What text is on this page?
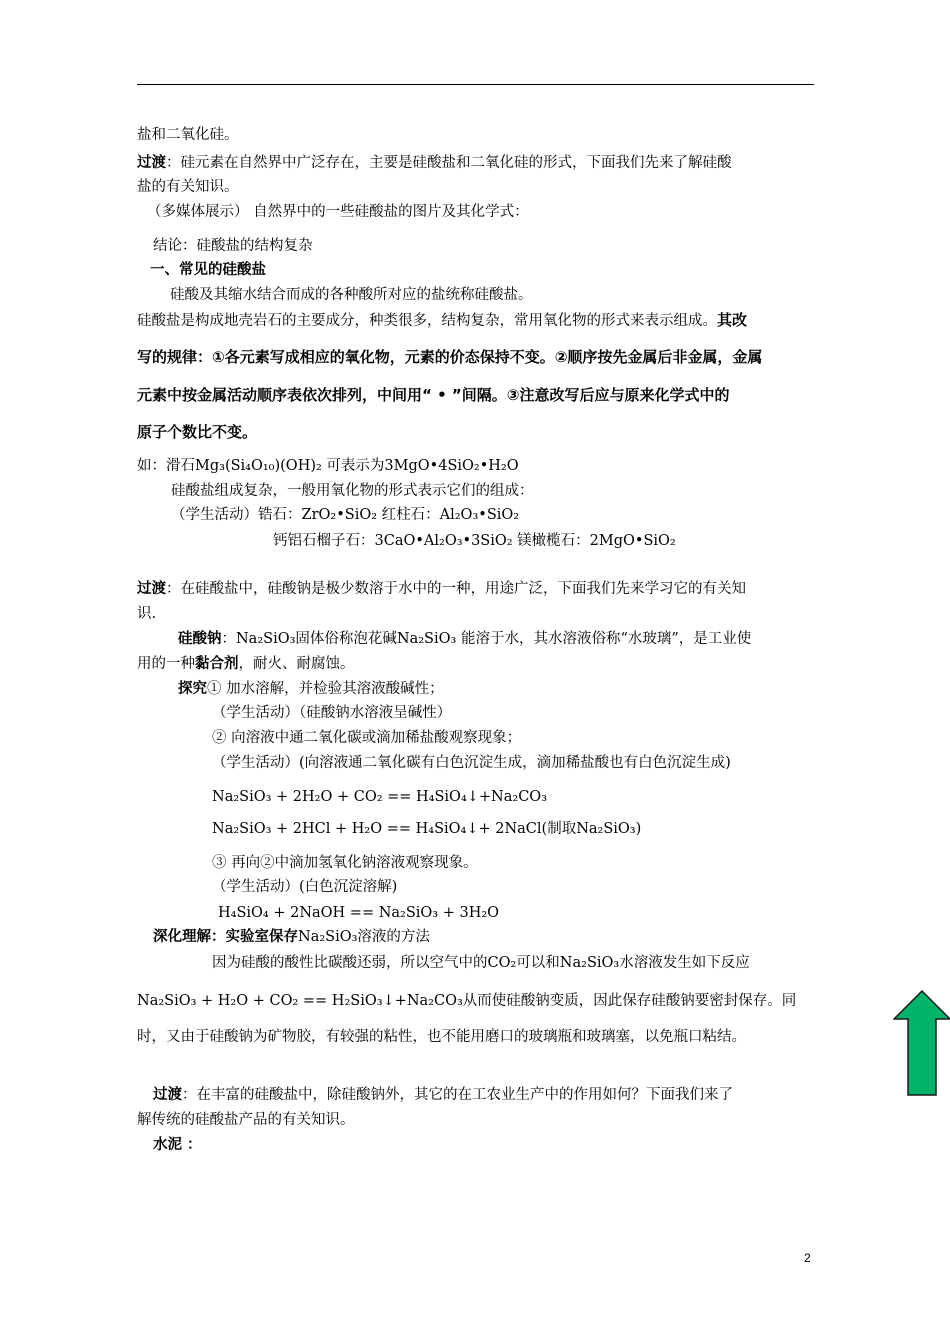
盐和二氧化硅。
过渡：硅元素在自然界中广泛存在，主要是硅酸盐和二氧化硅的形式，下面我们先来了解硅酸
盐的有关知识。
（多媒体展示） 自然界中的一些硅酸盐的图片及其化学式：
结论：硅酸盐的结构复杂
一、常见的硅酸盐
硅酸及其缩水结合而成的各种酸所对应的盐统称硅酸盐。
硅酸盐是构成地壳岩石的主要成分，种类很多，结构复杂，常用氧化物的形式来表示组成。其改
写的规律：①各元素写成相应的氧化物，元素的价态保持不变。②顺序按先金属后非金属，金属
元素中按金属活动顺序表依次排列，中间用“ • ”间隔。③注意改写后应与原来化学式中的
原子个数比不变。
如：滑石Mg₃(Si₄O₁₀)(OH)₂ 可表示为3MgO•4SiO₂•H₂O
硅酸盐组成复杂，一般用氧化物的形式表示它们的组成：
（学生活动）锆石：ZrO₂•SiO₂ 红柱石：Al₂O₃•SiO₂
钙铝石榴子石：3CaO•Al₂O₃•3SiO₂ 镁橄榄石：2MgO•SiO₂
过渡：在硅酸盐中，硅酸钠是极少数溶于水中的一种，用途广泛，下面我们先来学习它的有关知
识.
硅酸钠：Na₂SiO₃固体俗称泡花碱Na₂SiO₃ 能溶于水，其水溶液俗称“水玻璃”，是工业使
用的一种黏合剂，耐火、耐腐蚀。
探究① 加水溶解，并检验其溶液酸碱性；
（学生活动）（硅酸钠水溶液呈碱性）
② 向溶液中通二氧化碳或滴加稀盐酸观察现象；
（学生活动）(向溶液通二氧化碳有白色沉淀生成，滴加稀盐酸也有白色沉淀生成)
Na₂SiO₃ + 2H₂O + CO₂ == H₄SiO₄↓+Na₂CO₃
Na₂SiO₃ + 2HCl + H₂O == H₄SiO₄↓+ 2NaCl(制取Na₂SiO₃)
③ 再向②中滴加氢氧化钠溶液观察现象。
（学生活动）(白色沉淀溶解)
H₄SiO₄ + 2NaOH == Na₂SiO₃ + 3H₂O
深化理解：实验室保存Na₂SiO₃溶液的方法
因为硅酸的酸性比碳酸还弱，所以空气中的CO₂可以和Na₂SiO₃水溶液发生如下反应
Na₂SiO₃ + H₂O + CO₂ == H₂SiO₃↓+Na₂CO₃从而使硅酸钠变质，因此保存硅酸钠要密封保存。同
时，又由于硅酸钠为矿物胶，有较强的粘性，也不能用磨口的玻璃瓶和玻璃塞，以免瓶口粘结。
过渡：在丰富的硅酸盐中，除硅酸钠外，其它的在工农业生产中的作用如何？下面我们来了
解传统的硅酸盐产品的有关知识。
水泥 ：
2
